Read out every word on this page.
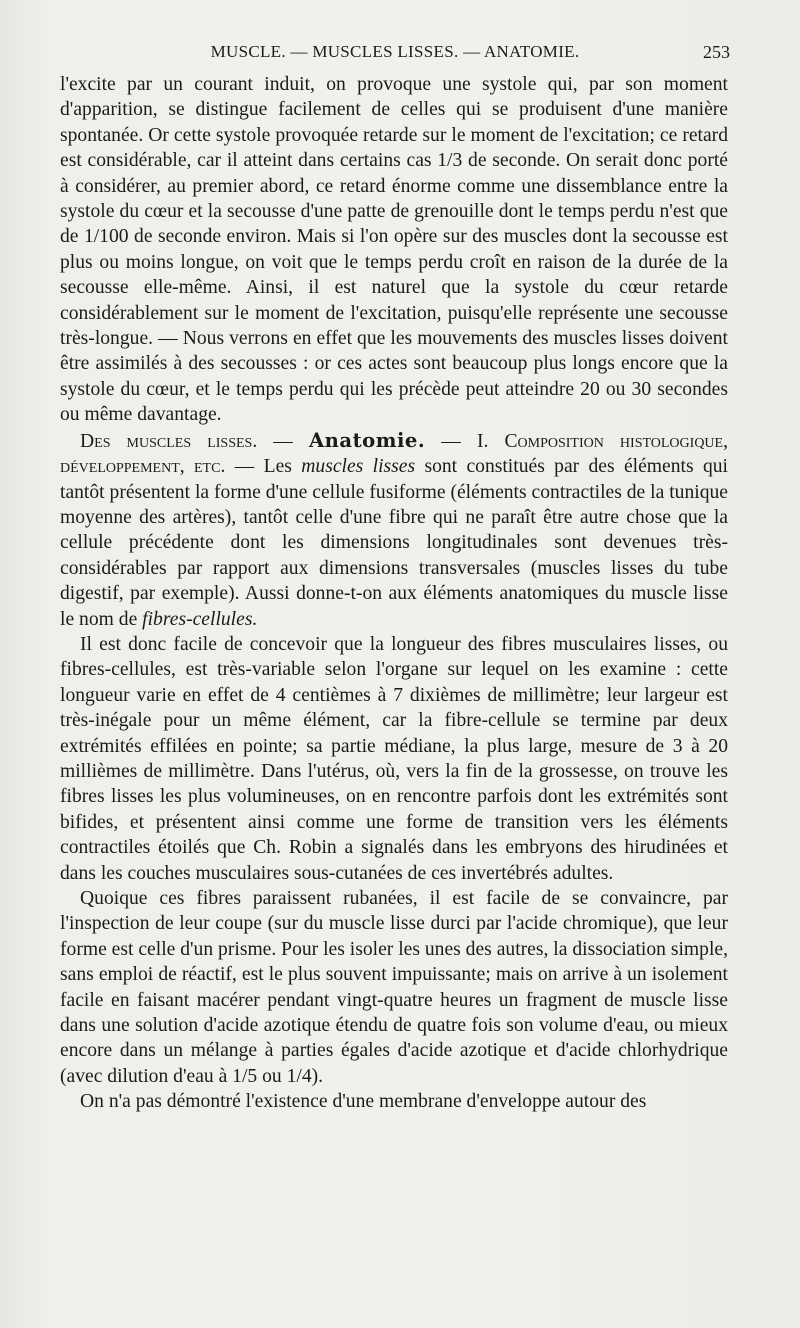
MUSCLE. — MUSCLES LISSES. — ANATOMIE.	253

l'excite par un courant induit, on provoque une systole qui, par son moment d'apparition, se distingue facilement de celles qui se produisent d'une manière spontanée. Or cette systole provoquée retarde sur le moment de l'excitation; ce retard est considérable, car il atteint dans certains cas 1/3 de seconde. On serait donc porté à considérer, au premier abord, ce retard énorme comme une dissemblance entre la systole du cœur et la secousse d'une patte de grenouille dont le temps perdu n'est que de 1/100 de seconde environ. Mais si l'on opère sur des muscles dont la secousse est plus ou moins longue, on voit que le temps perdu croît en raison de la durée de la secousse elle-même. Ainsi, il est naturel que la systole du cœur retarde considérablement sur le moment de l'excitation, puisqu'elle représente une secousse très-longue. — Nous verrons en effet que les mouvements des muscles lisses doivent être assimilés à des secousses : or ces actes sont beaucoup plus longs encore que la systole du cœur, et le temps perdu qui les précède peut atteindre 20 ou 30 secondes ou même davantage.

Des muscles lisses. — Anatomie. — I. Composition histologique, développement, etc. — Les muscles lisses sont constitués par des éléments qui tantôt présentent la forme d'une cellule fusiforme (éléments contractiles de la tunique moyenne des artères), tantôt celle d'une fibre qui ne paraît être autre chose que la cellule précédente dont les dimensions longitudinales sont devenues très-considérables par rapport aux dimensions transversales (muscles lisses du tube digestif, par exemple). Aussi donne-t-on aux éléments anatomiques du muscle lisse le nom de fibres-cellules.

Il est donc facile de concevoir que la longueur des fibres musculaires lisses, ou fibres-cellules, est très-variable selon l'organe sur lequel on les examine : cette longueur varie en effet de 4 centièmes à 7 dixièmes de millimètre; leur largeur est très-inégale pour un même élément, car la fibre-cellule se termine par deux extrémités effilées en pointe; sa partie médiane, la plus large, mesure de 3 à 20 millièmes de millimètre. Dans l'utérus, où, vers la fin de la grossesse, on trouve les fibres lisses les plus volumineuses, on en rencontre parfois dont les extrémités sont bifides, et présentent ainsi comme une forme de transition vers les éléments contractiles étoilés que Ch. Robin a signalés dans les embryons des hirudinées et dans les couches musculaires sous-cutanées de ces invertébrés adultes.

Quoique ces fibres paraissent rubanées, il est facile de se convaincre, par l'inspection de leur coupe (sur du muscle lisse durci par l'acide chromique), que leur forme est celle d'un prisme. Pour les isoler les unes des autres, la dissociation simple, sans emploi de réactif, est le plus souvent impuissante; mais on arrive à un isolement facile en faisant macérer pendant vingt-quatre heures un fragment de muscle lisse dans une solution d'acide azotique étendu de quatre fois son volume d'eau, ou mieux encore dans un mélange à parties égales d'acide azotique et d'acide chlorhydrique (avec dilution d'eau à 1/5 ou 1/4).

On n'a pas démontré l'existence d'une membrane d'enveloppe autour des
